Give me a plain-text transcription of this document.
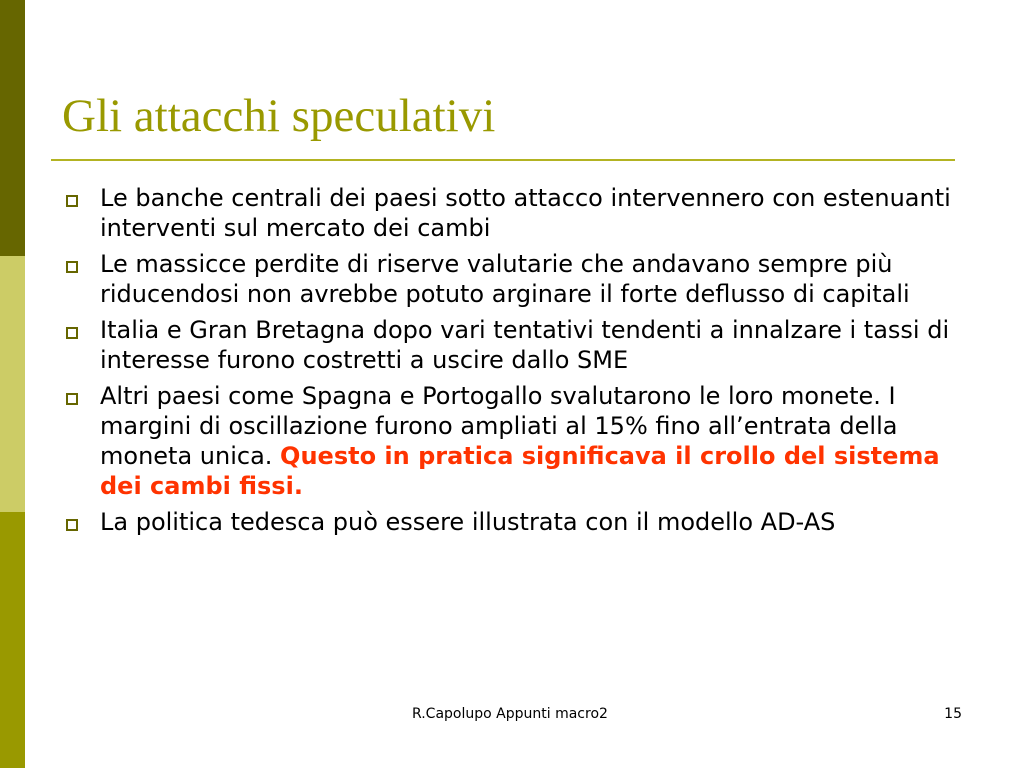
Gli attacchi speculativi
Le banche centrali dei paesi sotto attacco intervennero con estenuanti interventi sul mercato dei cambi
Le massicce perdite di riserve valutarie che andavano sempre più riducendosi non avrebbe potuto arginare il forte deflusso di capitali
Italia e Gran Bretagna dopo vari tentativi tendenti a innalzare i tassi di interesse furono costretti a uscire dallo SME
Altri paesi come Spagna e Portogallo svalutarono le loro monete. I margini di oscillazione furono ampliati al 15% fino all’entrata della moneta unica. Questo in pratica significava il crollo del sistema dei cambi fissi.
La politica tedesca può essere illustrata con il modello AD-AS
R.Capolupo Appunti macro2	15
